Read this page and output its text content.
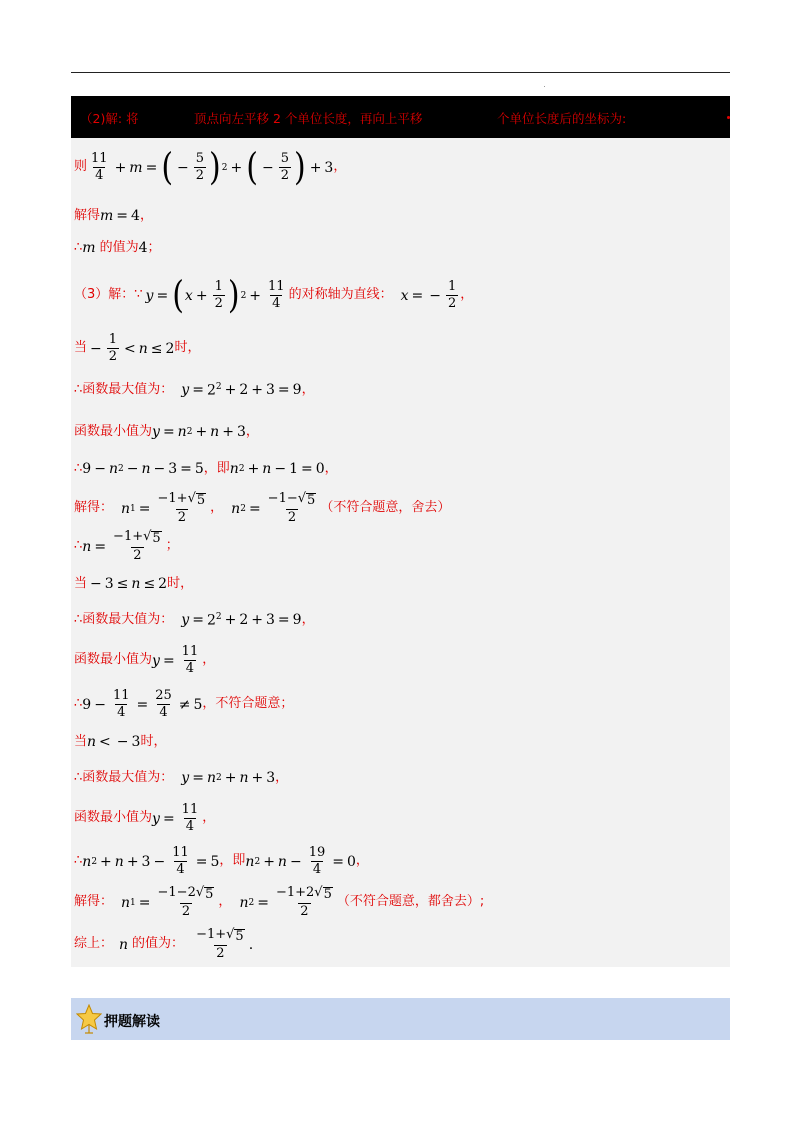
（2)解: 将	顶点向左平移 2 个单位长度，再向上平移	个单位长度后的坐标为:
则 $\frac{11}{4} + m$ = ( − $\frac{5}{2}$ ) 2 + ( − $\frac{5}{2}$ ) + 3 ，
解得 m = 4 ，
∴ m 的值为 4 ；
（3）解：∵ y = ( $x + \frac{1}{2}$ ) $2 + \frac{11}{4}$ 的对称轴为直线： x = − $\frac{1}{2}$ ，
当 − $\frac{1}{2} < n \le 2$ 时，
∴函数最大值为： $y = 2^2 + 2 + 3 = 9$ ，
函数最小值为 y = n 2 + n + 3 ，
∴ 9 − n 2 − n − 3 = 5 ，即 n 2 + n − 1 = 0 ，
解得： n $1 = \frac{-1+√ 5}{2}$ ， n $2 = \frac{-1-√ 5}{2}$ （不符合题意，舍去）
∴ $n = \frac{-1+√ 5}{2}$ ；
当 − 3 ≤ n ≤ 2 时，
∴函数最大值为： $y = 2^2 + 2 + 3 = 9$ ，
函数最小值为 $y = \frac{11}{4}$ ，
∴ $9 - \frac{11}{4} = \frac{25}{4} \ne 5$ ，不符合题意；
当 n < − 3 时，
∴函数最大值为： y = n 2 + n + 3 ，
函数最小值为 $y = \frac{11}{4}$ ，
∴ n $2 + n + 3 - \frac{11}{4} = 5$ ，即 n $2 + n - \frac{19}{4} = 0$ ，
解得： n $1 = \frac{-1-2√ 5}{2}$ ， n $2 = \frac{-1+2√ 5}{2}$ （不符合题意，都舍去）;
综上： n 的值为： $\frac{-1+√ 5}{2}$ .
押题解读
